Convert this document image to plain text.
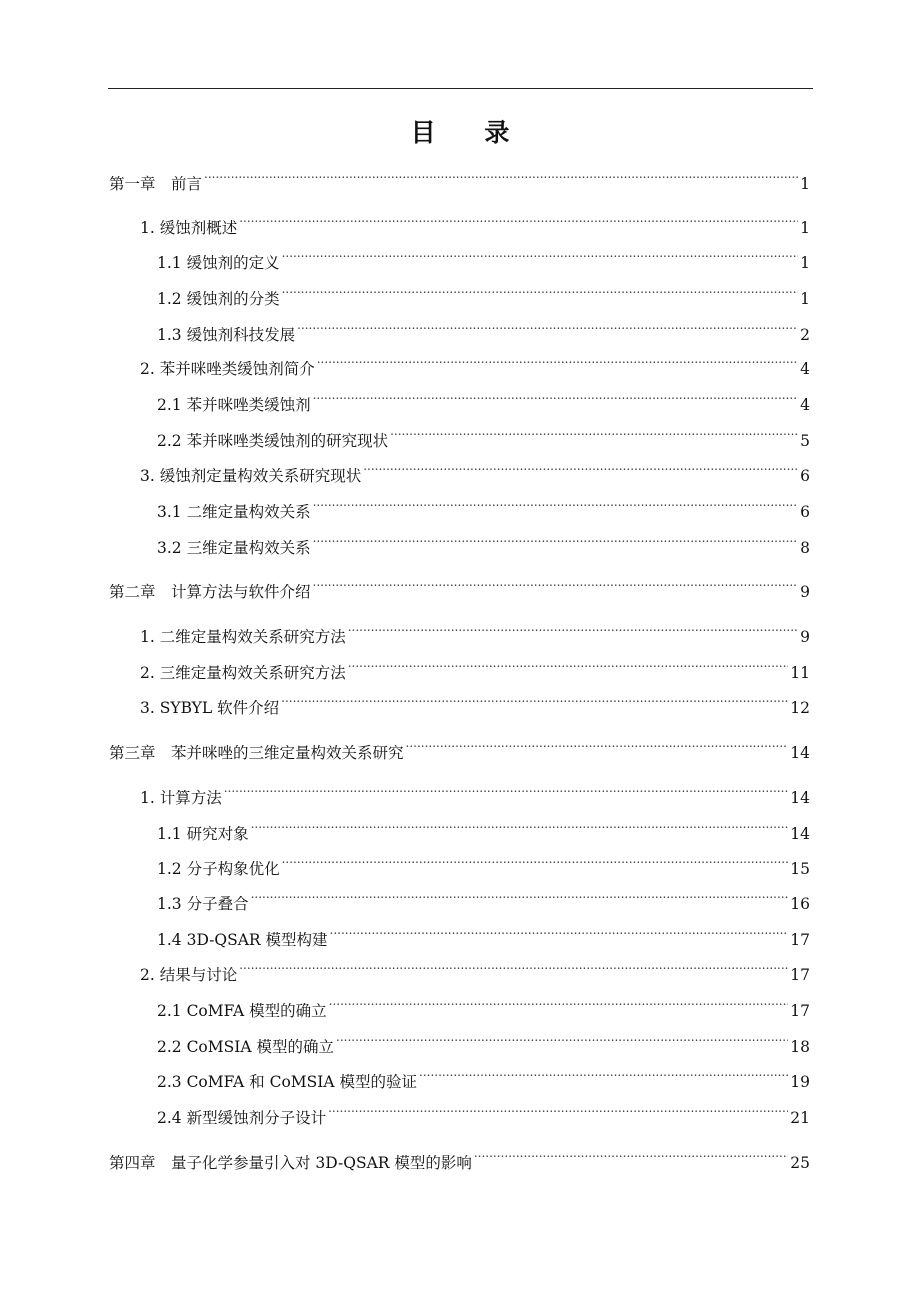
目 录
第一章　前言 .....	1
1. 缓蚀剂概述 .....	1
1.1 缓蚀剂的定义 .....	1
1.2 缓蚀剂的分类 .....	1
1.3 缓蚀剂科技发展 .....	2
2. 苯并咪唑类缓蚀剂简介 .....	4
2.1 苯并咪唑类缓蚀剂 .....	4
2.2 苯并咪唑类缓蚀剂的研究现状 .....	5
3. 缓蚀剂定量构效关系研究现状 .....	6
3.1 二维定量构效关系 .....	6
3.2 三维定量构效关系 .....	8
第二章　计算方法与软件介绍 .....	9
1. 二维定量构效关系研究方法 .....	9
2. 三维定量构效关系研究方法 .....	11
3. SYBYL 软件介绍 .....	12
第三章　苯并咪唑的三维定量构效关系研究 .....	14
1. 计算方法 .....	14
1.1 研究对象 .....	14
1.2 分子构象优化 .....	15
1.3 分子叠合 .....	16
1.4 3D-QSAR 模型构建 .....	17
2. 结果与讨论 .....	17
2.1 CoMFA 模型的确立 .....	17
2.2 CoMSIA 模型的确立 .....	18
2.3 CoMFA 和 CoMSIA 模型的验证 .....	19
2.4 新型缓蚀剂分子设计 .....	21
第四章　量子化学参量引入对 3D-QSAR 模型的影响 .....	25
